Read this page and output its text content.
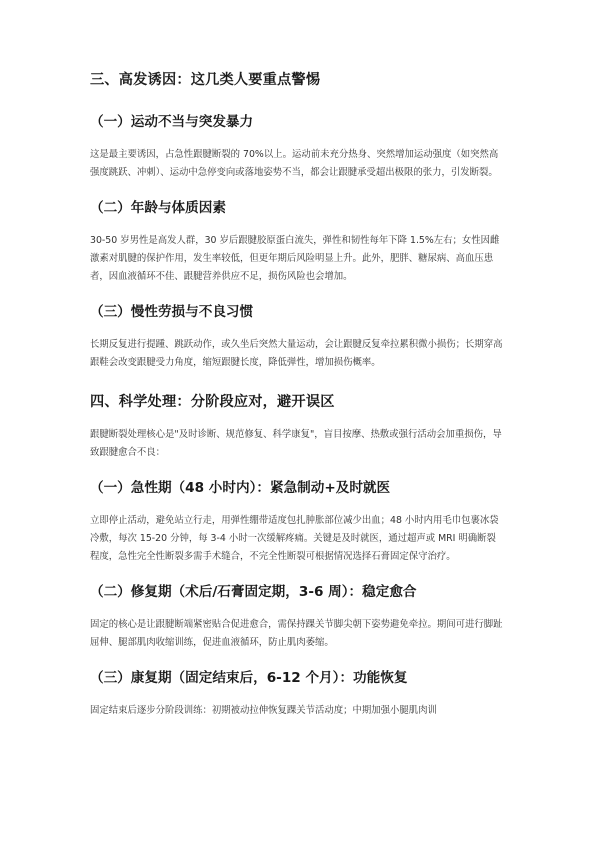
三、高发诱因：这几类人要重点警惕
（一）运动不当与突发暴力

这是最主要诱因，占急性跟腱断裂的 70%以上。运动前未充分热身、突然增加运动强度（如突然高强度跳跃、冲刺）、运动中急停变向或落地姿势不当，都会让跟腱承受超出极限的张力，引发断裂。

（二）年龄与体质因素

30-50 岁男性是高发人群，30 岁后跟腱胶原蛋白流失，弹性和韧性每年下降 1.5%左右；女性因雌激素对肌腱的保护作用，发生率较低，但更年期后风险明显上升。此外，肥胖、糖尿病、高血压患者，因血液循环不佳、跟腱营养供应不足，损伤风险也会增加。

（三）慢性劳损与不良习惯

长期反复进行提踵、跳跃动作，或久坐后突然大量运动，会让跟腱反复牵拉累积微小损伤；长期穿高跟鞋会改变跟腱受力角度，缩短跟腱长度，降低弹性，增加损伤概率。

四、科学处理：分阶段应对，避开误区

跟腱断裂处理核心是"及时诊断、规范修复、科学康复"，盲目按摩、热敷或强行活动会加重损伤，导致跟腱愈合不良：

（一）急性期（48 小时内）：紧急制动+及时就医

立即停止活动，避免站立行走，用弹性绷带适度包扎肿胀部位减少出血；48 小时内用毛巾包裹冰袋冷敷，每次 15-20 分钟，每 3-4 小时一次缓解疼痛。关键是及时就医，通过超声或 MRI 明确断裂程度，急性完全性断裂多需手术缝合，不完全性断裂可根据情况选择石膏固定保守治疗。

（二）修复期（术后/石膏固定期，3-6 周）：稳定愈合

固定的核心是让跟腱断端紧密贴合促进愈合，需保持踝关节脚尖朝下姿势避免牵拉。期间可进行脚趾屈伸、腿部肌肉收缩训练，促进血液循环，防止肌肉萎缩。

（三）康复期（固定结束后，6-12 个月）：功能恢复

固定结束后逐步分阶段训练：初期被动拉伸恢复踝关节活动度；中期加强小腿肌肉训
